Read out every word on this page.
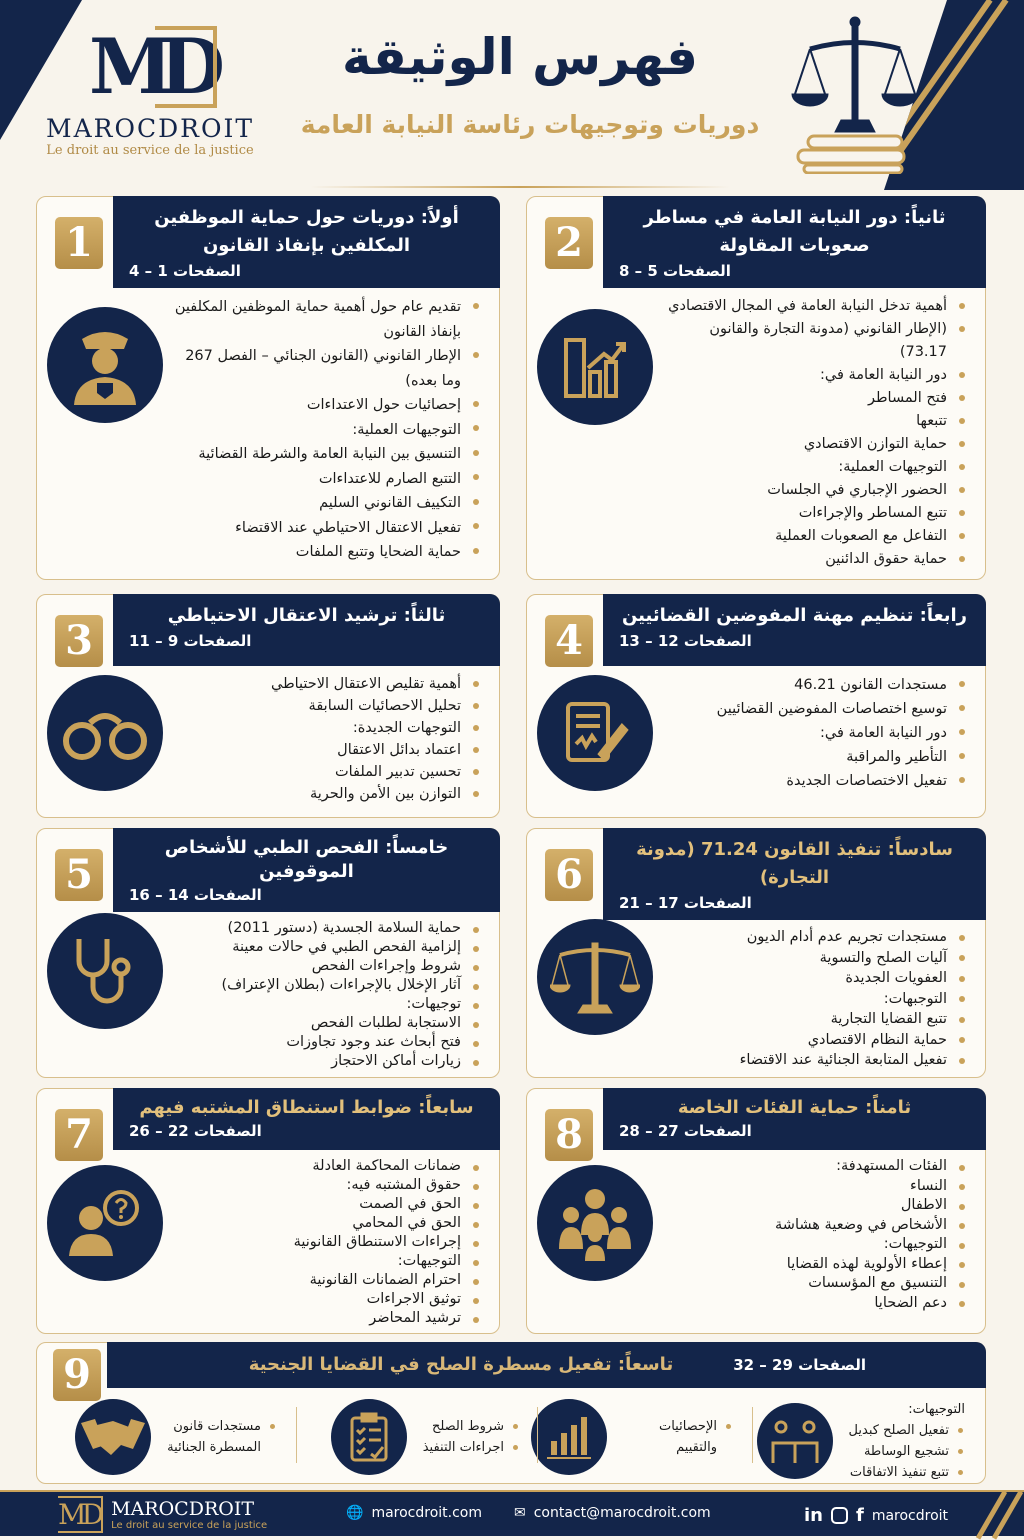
MD
MAROCDROIT
Le droit au service de la justice
فهرس الوثيقة
دوريات وتوجيهات رئاسة النيابة العامة
أولاً: دوريات حول حماية الموظفين المكلفين بإنفاذ القانون
الصفحات 1 – 4
1
تقديم عام حول أهمية حماية الموظفين المكلفين بإنفاذ القانون
الإطار القانوني (القانون الجنائي – الفصل 267 وما بعده)
إحصائيات حول الاعتداءات
التوجيهات العملية:
التنسيق بين النيابة العامة والشرطة القضائية
التتبع الصارم للاعتداءات
التكييف القانوني السليم
تفعيل الاعتقال الاحتياطي عند الاقتضاء
حماية الضحايا وتتبع الملفات
ثانياً: دور النيابة العامة في مساطر صعوبات المقاولة
الصفحات 5 – 8
2
أهمية تدخل النيابة العامة في المجال الاقتصادي
(الإطار القانوني (مدونة التجارة والقانون 73.17)
دور النيابة العامة في:
فتح المساطر
تتبعها
حماية التوازن الاقتصادي
التوجيهات العملية:
الحضور الإجباري في الجلسات
تتبع المساطر والإجراءات
التفاعل مع الصعوبات العملية
حماية حقوق الدائنين
ثالثاً: ترشيد الاعتقال الاحتياطي
الصفحات 9 – 11
3
أهمية تقليص الاعتقال الاحتياطي
تحليل الاحصائيات السابقة
التوجهات الجديدة:
اعتماد بدائل الاعتقال
تحسين تدبير الملفات
التوازن بين الأمن والحرية
رابعاً: تنظيم مهنة المفوضين القضائيين
الصفحات 12 – 13
4
مستجدات القانون 46.21
توسيع اختصاصات المفوضين القضائيين
دور النيابة العامة في:
التأطير والمراقبة
تفعيل الاختصاصات الجديدة
خامساً: الفحص الطبي للأشخاص الموقوفين
الصفحات 14 – 16
5
حماية السلامة الجسدية (دستور 2011)
إلزامية الفحص الطبي في حالات معينة
شروط وإجراءات الفحص
آثار الإخلال بالإجراءات (بطلان الإعتراف)
توجيهات:
الاستجابة لطلبات الفحص
فتح أبحاث عند وجود تجاوزات
زيارات أماكن الاحتجاز
سادساً: تنفيذ القانون 71.24 (مدونة التجارة)
الصفحات 17 – 21
6
مستجدات تجريم عدم أدام الديون
آليات الصلح والتسوية
العفويات الجديدة
التوجبهات:
تتبع القضايا التجارية
حماية النظام الاقتصادي
تفعيل المتابعة الجنائية عند الاقتضاء
سابعاً: ضوابط استنطاق المشتبه فيهم
الصفحات 22 – 26
7
ضمانات المحاكمة العادلة
حقوق المشتبه فيه:
الحق في الصمت
الحق في المحامي
إجراءات الاستنطاق القانونية
التوجيهات:
احترام الضمانات القانونية
توثيق الاجراءات
ترشيد المحاضر
ثامناً: حماية الفئات الخاصة
الصفحات 27 – 28
8
الفئات المستهدفة:
النساء
الاطفال
الأشخاص في وضعية هشاشة
التوجيهات:
إعطاء الأولوية لهذه القضايا
التنسيق مع المؤسسات
دعم الضحايا
الصفحات 29 – 32
تاسعاً: تفعيل مسطرة الصلح في القضايا الجنحية
9
التوجيهات:
تفعيل الصلح كبديل
تشجيع الوساطة
تتبع تنفيذ الاتفاقات
الإحصائيات والتقييم
شروط الصلح
اجراءات التنفيذ
مستجدات قانون المسطرة الجنائية
MD MAROCDROIT
Le droit au service de la justice
🌐 marocdroit.com ✉ contact@marocdroit.com	in f marocdroit
